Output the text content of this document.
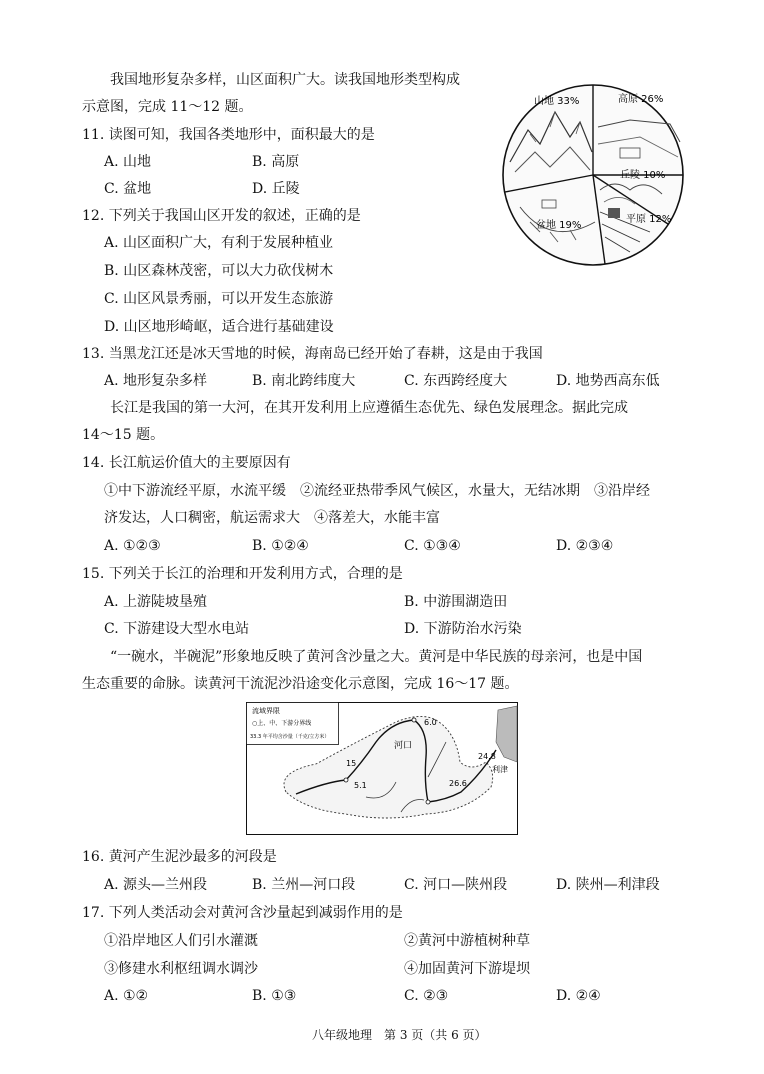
我国地形复杂多样，山区面积广大。读我国地形类型构成
示意图，完成 11～12 题。	山地 33%	高原 26%
丘陵 10%
平原 12%
盆地 19%
11. 读图可知，我国各类地形中，面积最大的是
A. 山地	B. 高原
C. 盆地	D. 丘陵
12. 下列关于我国山区开发的叙述，正确的是
A. 山区面积广大，有利于发展种植业
B. 山区森林茂密，可以大力砍伐树木
C. 山区风景秀丽，可以开发生态旅游
D. 山区地形崎岖，适合进行基础建设
13. 当黑龙江还是冰天雪地的时候，海南岛已经开始了春耕，这是由于我国
A. 地形复杂多样	B. 南北跨纬度大	C. 东西跨经度大	D. 地势西高东低
长江是我国的第一大河，在其开发利用上应遵循生态优先、绿色发展理念。据此完成
14～15 题。
14. 长江航运价值大的主要原因有
①中下游流经平原，水流平缓　②流经亚热带季风气候区，水量大，无结冰期　③沿岸经
济发达，人口稠密，航运需求大　④落差大，水能丰富
A. ①②③	B. ①②④	C. ①③④	D. ②③④
15. 下列关于长江的治理和开发利用方式，合理的是
A. 上游陡坡垦殖	B. 中游围湖造田
C. 下游建设大型水电站	D. 下游防治水污染
“一碗水，半碗泥”形象地反映了黄河含沙量之大。黄河是中华民族的母亲河，也是中国
生态重要的命脉。读黄河干流泥沙沿途变化示意图，完成 16～17 题。
流域界限
○上、中、下游分界线
33.3 年平均含沙量（千克/立方米）
河口
6.0
24.8
利津
26.6
15
5.1
16. 黄河产生泥沙最多的河段是
A. 源头—兰州段	B. 兰州—河口段	C. 河口—陕州段	D. 陕州—利津段
17. 下列人类活动会对黄河含沙量起到减弱作用的是
①沿岸地区人们引水灌溉	②黄河中游植树种草
③修建水利枢纽调水调沙	④加固黄河下游堤坝
A. ①②	B. ①③	C. ②③	D. ②④
八年级地理　第 3 页（共 6 页）
